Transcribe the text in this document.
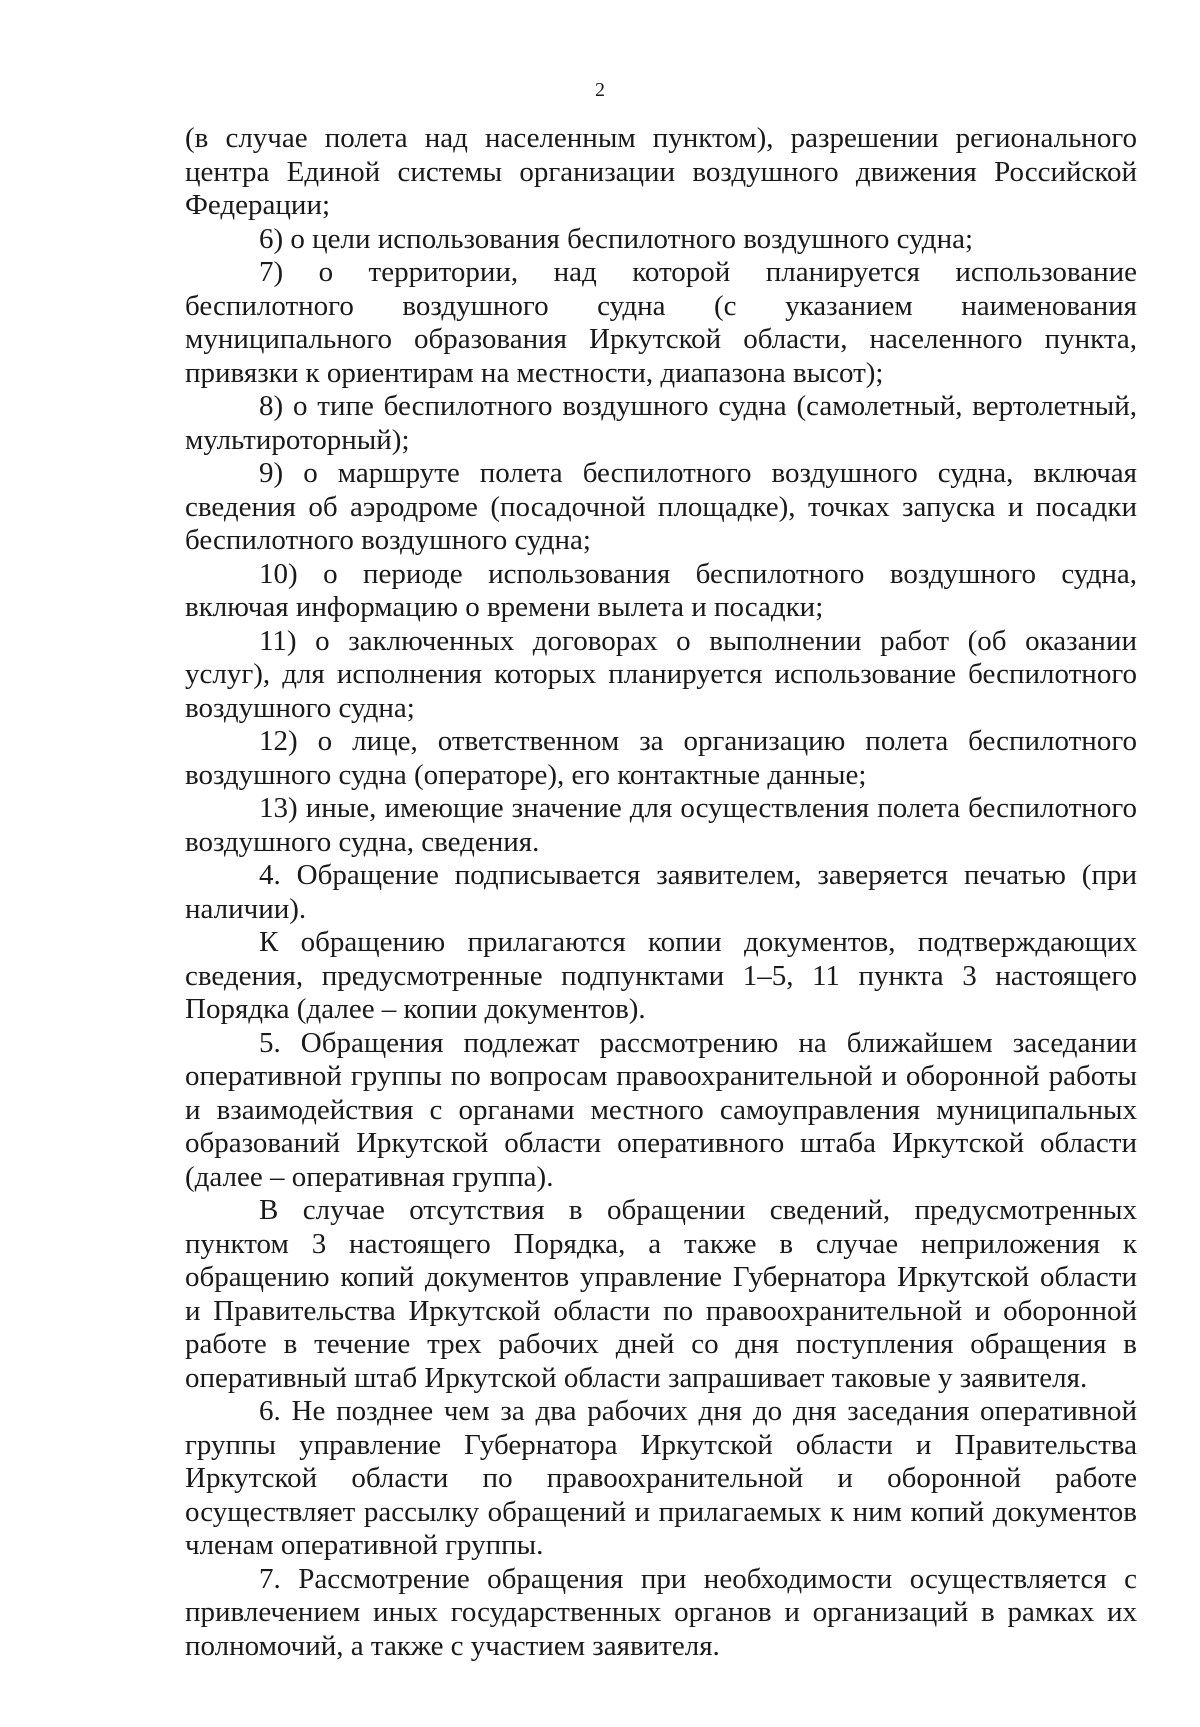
2

(в случае полета над населенным пунктом), разрешении регионального центра Единой системы организации воздушного движения Российской Федерации;

6) о цели использования беспилотного воздушного судна;

7) о территории, над которой планируется использование беспилотного воздушного судна (с указанием наименования муниципального образования Иркутской области, населенного пункта, привязки к ориентирам на местности, диапазона высот);

8) о типе беспилотного воздушного судна (самолетный, вертолетный, мультироторный);

9) о маршруте полета беспилотного воздушного судна, включая сведения об аэродроме (посадочной площадке), точках запуска и посадки беспилотного воздушного судна;

10) о периоде использования беспилотного воздушного судна, включая информацию о времени вылета и посадки;

11) о заключенных договорах о выполнении работ (об оказании услуг), для исполнения которых планируется использование беспилотного воздушного судна;

12) о лице, ответственном за организацию полета беспилотного воздушного судна (операторе), его контактные данные;

13) иные, имеющие значение для осуществления полета беспилотного воздушного судна, сведения.

4. Обращение подписывается заявителем, заверяется печатью (при наличии).

К обращению прилагаются копии документов, подтверждающих сведения, предусмотренные подпунктами 1–5, 11 пункта 3 настоящего Порядка (далее – копии документов).

5. Обращения подлежат рассмотрению на ближайшем заседании оперативной группы по вопросам правоохранительной и оборонной работы и взаимодействия с органами местного самоуправления муниципальных образований Иркутской области оперативного штаба Иркутской области (далее – оперативная группа).

В случае отсутствия в обращении сведений, предусмотренных пунктом 3 настоящего Порядка, а также в случае неприложения к обращению копий документов управление Губернатора Иркутской области и Правительства Иркутской области по правоохранительной и оборонной работе в течение трех рабочих дней со дня поступления обращения в оперативный штаб Иркутской области запрашивает таковые у заявителя.

6. Не позднее чем за два рабочих дня до дня заседания оперативной группы управление Губернатора Иркутской области и Правительства Иркутской области по правоохранительной и оборонной работе осуществляет рассылку обращений и прилагаемых к ним копий документов членам оперативной группы.

7. Рассмотрение обращения при необходимости осуществляется с привлечением иных государственных органов и организаций в рамках их полномочий, а также с участием заявителя.
